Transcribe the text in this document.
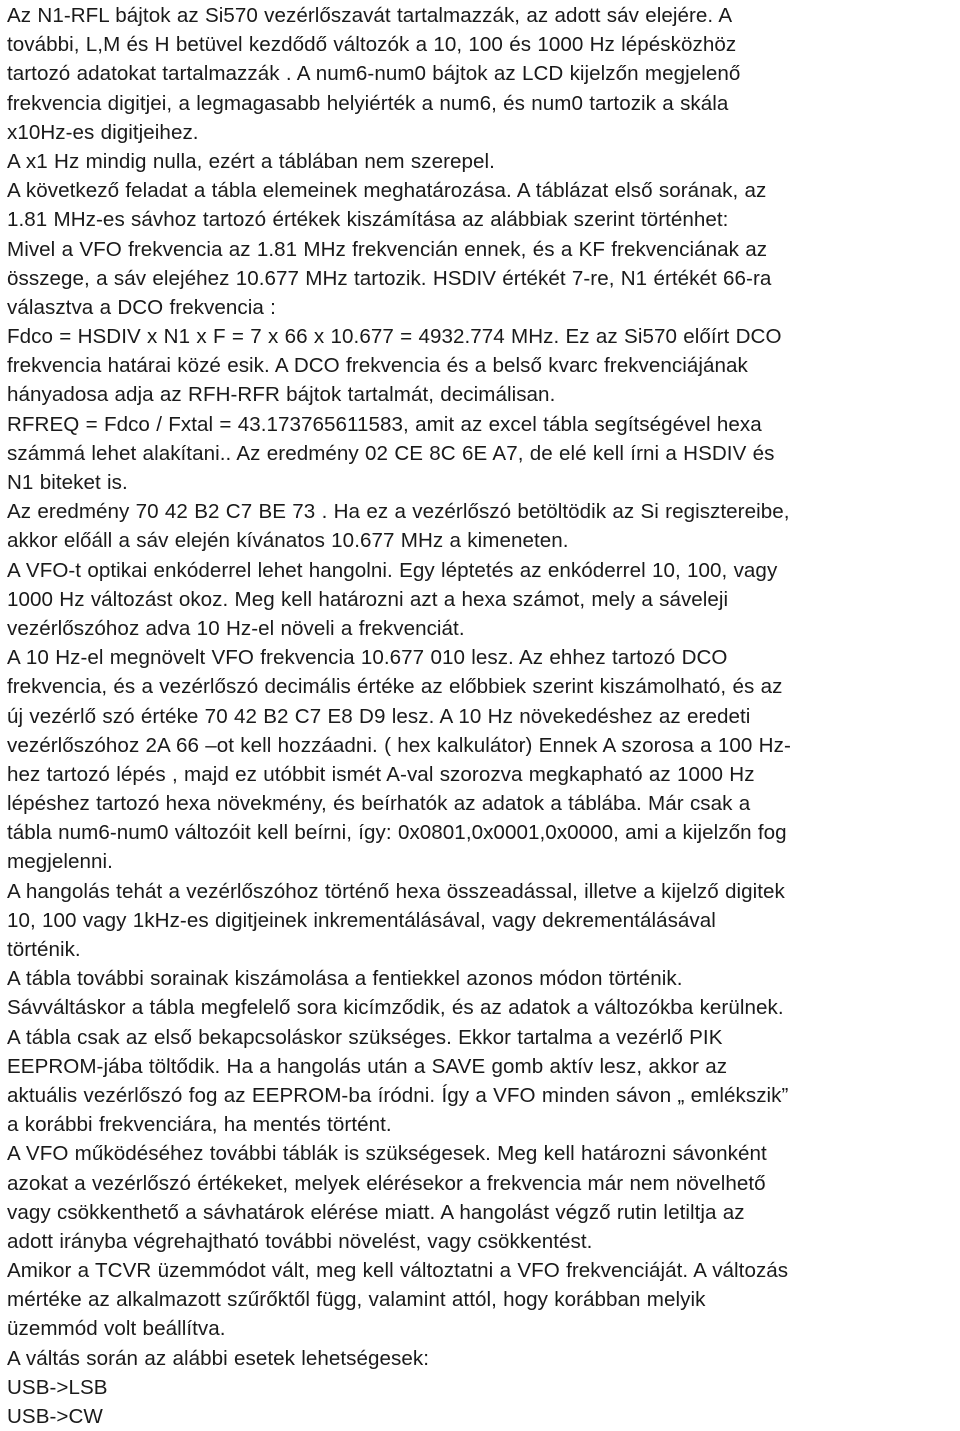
Az N1-RFL bájtok az Si570 vezérlőszavát tartalmazzák, az adott sáv elejére. A
további, L,M és H betüvel kezdődő változók a 10, 100 és 1000 Hz lépésközhöz
tartozó adatokat tartalmazzák . A num6-num0 bájtok az LCD kijelzőn megjelenő
frekvencia digitjei, a legmagasabb helyiérték a num6, és num0 tartozik a skála
x10Hz-es digitjeihez.
A x1 Hz mindig nulla, ezért a táblában nem szerepel.
A következő feladat a tábla elemeinek meghatározása. A táblázat első sorának, az
1.81 MHz-es sávhoz tartozó értékek kiszámítása az alábbiak szerint történhet:
Mivel a VFO frekvencia az 1.81 MHz frekvencián ennek, és a KF frekvenciának az
összege, a sáv elejéhez 10.677 MHz tartozik. HSDIV értékét 7-re, N1 értékét 66-ra
választva a DCO frekvencia :
Fdco = HSDIV x N1 x F = 7 x 66 x 10.677 = 4932.774 MHz. Ez az Si570 előírt DCO
frekvencia határai közé esik. A DCO frekvencia és a belső kvarc frekvenciájának
hányadosa adja az RFH-RFR bájtok tartalmát, decimálisan.
RFREQ = Fdco / Fxtal = 43.173765611583, amit az excel tábla segítségével hexa
számmá lehet alakítani.. Az eredmény 02 CE 8C 6E A7, de elé kell írni a HSDIV és
N1 biteket is.
Az eredmény 70 42 B2 C7 BE 73 . Ha ez a vezérlőszó betöltödik az Si regisztereibe,
akkor előáll a sáv elején kívánatos 10.677 MHz a kimeneten.
A VFO-t optikai enkóderrel lehet hangolni. Egy léptetés az enkóderrel 10, 100, vagy
1000 Hz változást okoz. Meg kell határozni azt a hexa számot, mely a sáveleji
vezérlőszóhoz adva 10 Hz-el növeli a frekvenciát.
A 10 Hz-el megnövelt VFO frekvencia 10.677 010 lesz. Az ehhez tartozó DCO
frekvencia, és a vezérlőszó decimális értéke az előbbiek szerint kiszámolható, és az
új vezérlő szó értéke 70 42 B2 C7 E8 D9 lesz. A 10 Hz növekedéshez az eredeti
vezérlőszóhoz 2A 66 –ot kell hozzáadni. ( hex kalkulátor) Ennek A szorosa a 100 Hz-
hez tartozó lépés , majd ez utóbbit ismét A-val szorozva megkapható az 1000 Hz
lépéshez tartozó hexa növekmény, és beírhatók az adatok a táblába. Már csak a
tábla num6-num0 változóit kell beírni, így: 0x0801,0x0001,0x0000, ami a kijelzőn fog
megjelenni.
A hangolás tehát a vezérlőszóhoz történő hexa összeadással, illetve a kijelző digitek
10, 100 vagy 1kHz-es digitjeinek inkrementálásával, vagy dekrementálásával
történik.
A tábla további sorainak kiszámolása a fentiekkel azonos módon történik.
Sávváltáskor a tábla megfelelő sora kicímződik, és az adatok a változókba kerülnek.
A tábla csak az első bekapcsoláskor szükséges. Ekkor tartalma a vezérlő PIK
EEPROM-jába töltődik. Ha a hangolás után a SAVE gomb aktív lesz, akkor az
aktuális vezérlőszó fog az EEPROM-ba íródni. Így a VFO minden sávon „ emlékszik”
a korábbi frekvenciára, ha mentés történt.
A VFO működéséhez további táblák is szükségesek. Meg kell határozni sávonként
azokat a vezérlőszó értékeket, melyek elérésekor a frekvencia már nem növelhető
vagy csökkenthető a sávhatárok elérése miatt. A hangolást végző rutin letiltja az
adott irányba végrehajtható további növelést, vagy csökkentést.
Amikor a TCVR üzemmódot vált, meg kell változtatni a VFO frekvenciáját. A változás
mértéke az alkalmazott szűrőktől függ, valamint attól, hogy korábban melyik
üzemmód volt beállítva.
A váltás során az alábbi esetek lehetségesek:
USB->LSB
USB->CW
